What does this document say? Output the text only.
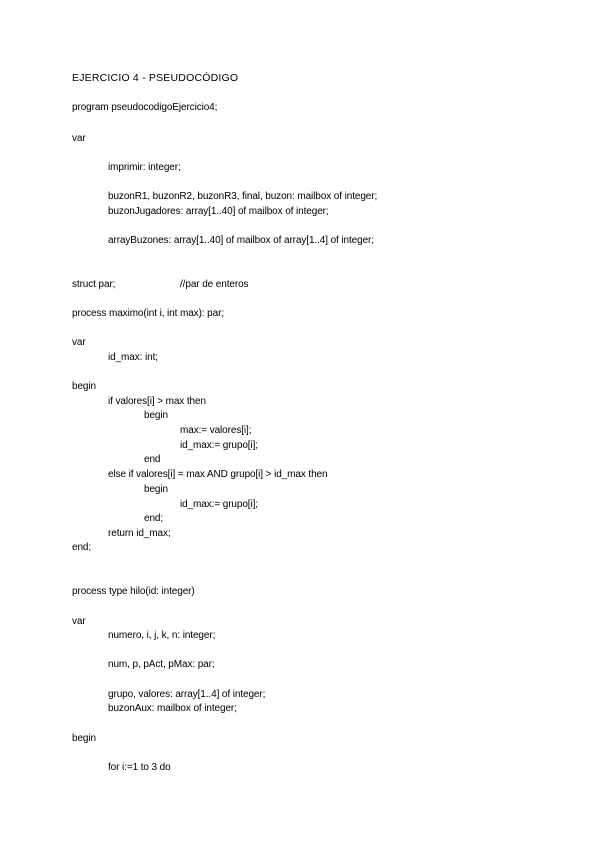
EJERCICIO 4 - PSEUDOCÓDIGO
program pseudocodigoEjercicio4;
var
imprimir: integer;
buzonR1, buzonR2, buzonR3, final, buzon: mailbox of integer;
buzonJugadores: array[1..40] of mailbox of integer;
arrayBuzones: array[1..40] of mailbox of array[1..4] of integer;
struct par;	//par de enteros
process maximo(int i, int max): par;
var
id_max: int;
begin
if valores[i] > max then
begin
max:= valores[i];
id_max:= grupo[i];
end
else if valores[i] = max AND grupo[i] > id_max then
begin
id_max:= grupo[i];
end;
return id_max;
end;
process type hilo(id: integer)
var
numero, i, j, k, n: integer;
num, p, pAct, pMax: par;
grupo, valores: array[1..4] of integer;
buzonAux: mailbox of integer;
begin
for i:=1 to 3 do
